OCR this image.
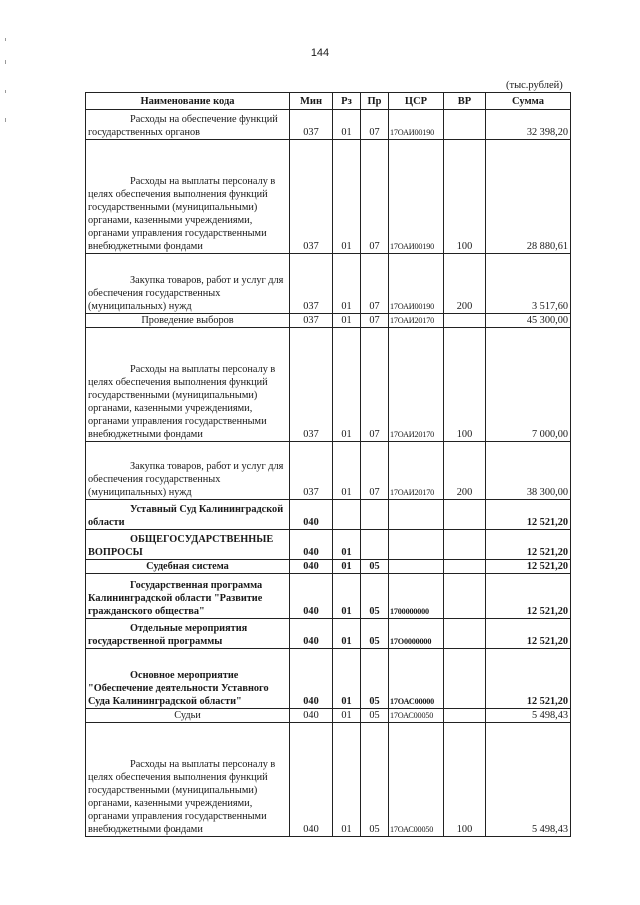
144
(тыс.рублей)
Наименование кода	Мин	Рз	Пр	ЦСР	ВР	Сумма
Расходы на обеспечение функций государственных органов	037	01	07	17ОАИ00190		32 398,20
Расходы на выплаты персоналу в целях обеспечения выполнения функций государственными (муниципальными) органами, казенными учреждениями, органами управления государственными внебюджетными фондами	037	01	07	17ОАИ00190	100	28 880,61
Закупка товаров, работ и услуг для обеспечения государственных (муниципальных) нужд	037	01	07	17ОАИ00190	200	3 517,60
Проведение выборов	037	01	07	17ОАИ20170		45 300,00
Расходы на выплаты персоналу в целях обеспечения выполнения функций государственными (муниципальными) органами, казенными учреждениями, органами управления государственными внебюджетными фондами	037	01	07	17ОАИ20170	100	7 000,00
Закупка товаров, работ и услуг для обеспечения государственных (муниципальных) нужд	037	01	07	17ОАИ20170	200	38 300,00
Уставный Суд Калининградской области	040					12 521,20
ОБЩЕГОСУДАРСТВЕННЫЕ ВОПРОСЫ	040	01				12 521,20
Судебная система	040	01	05			12 521,20
Государственная программа Калининградской области "Развитие гражданского общества"	040	01	05	1700000000		12 521,20
Отдельные мероприятия государственной программы	040	01	05	17О0000000		12 521,20
Основное мероприятие "Обеспечение деятельности Уставного Суда Калининградской области"	040	01	05	17ОАС00000		12 521,20
Судьи	040	01	05	17ОАС00050		5 498,43
Расходы на выплаты персоналу в целях обеспечения выполнения функций государственными (муниципальными) органами, казенными учреждениями, органами управления государственными внебюджетными фондами	040	01	05	17ОАС00050	100	5 498,43
